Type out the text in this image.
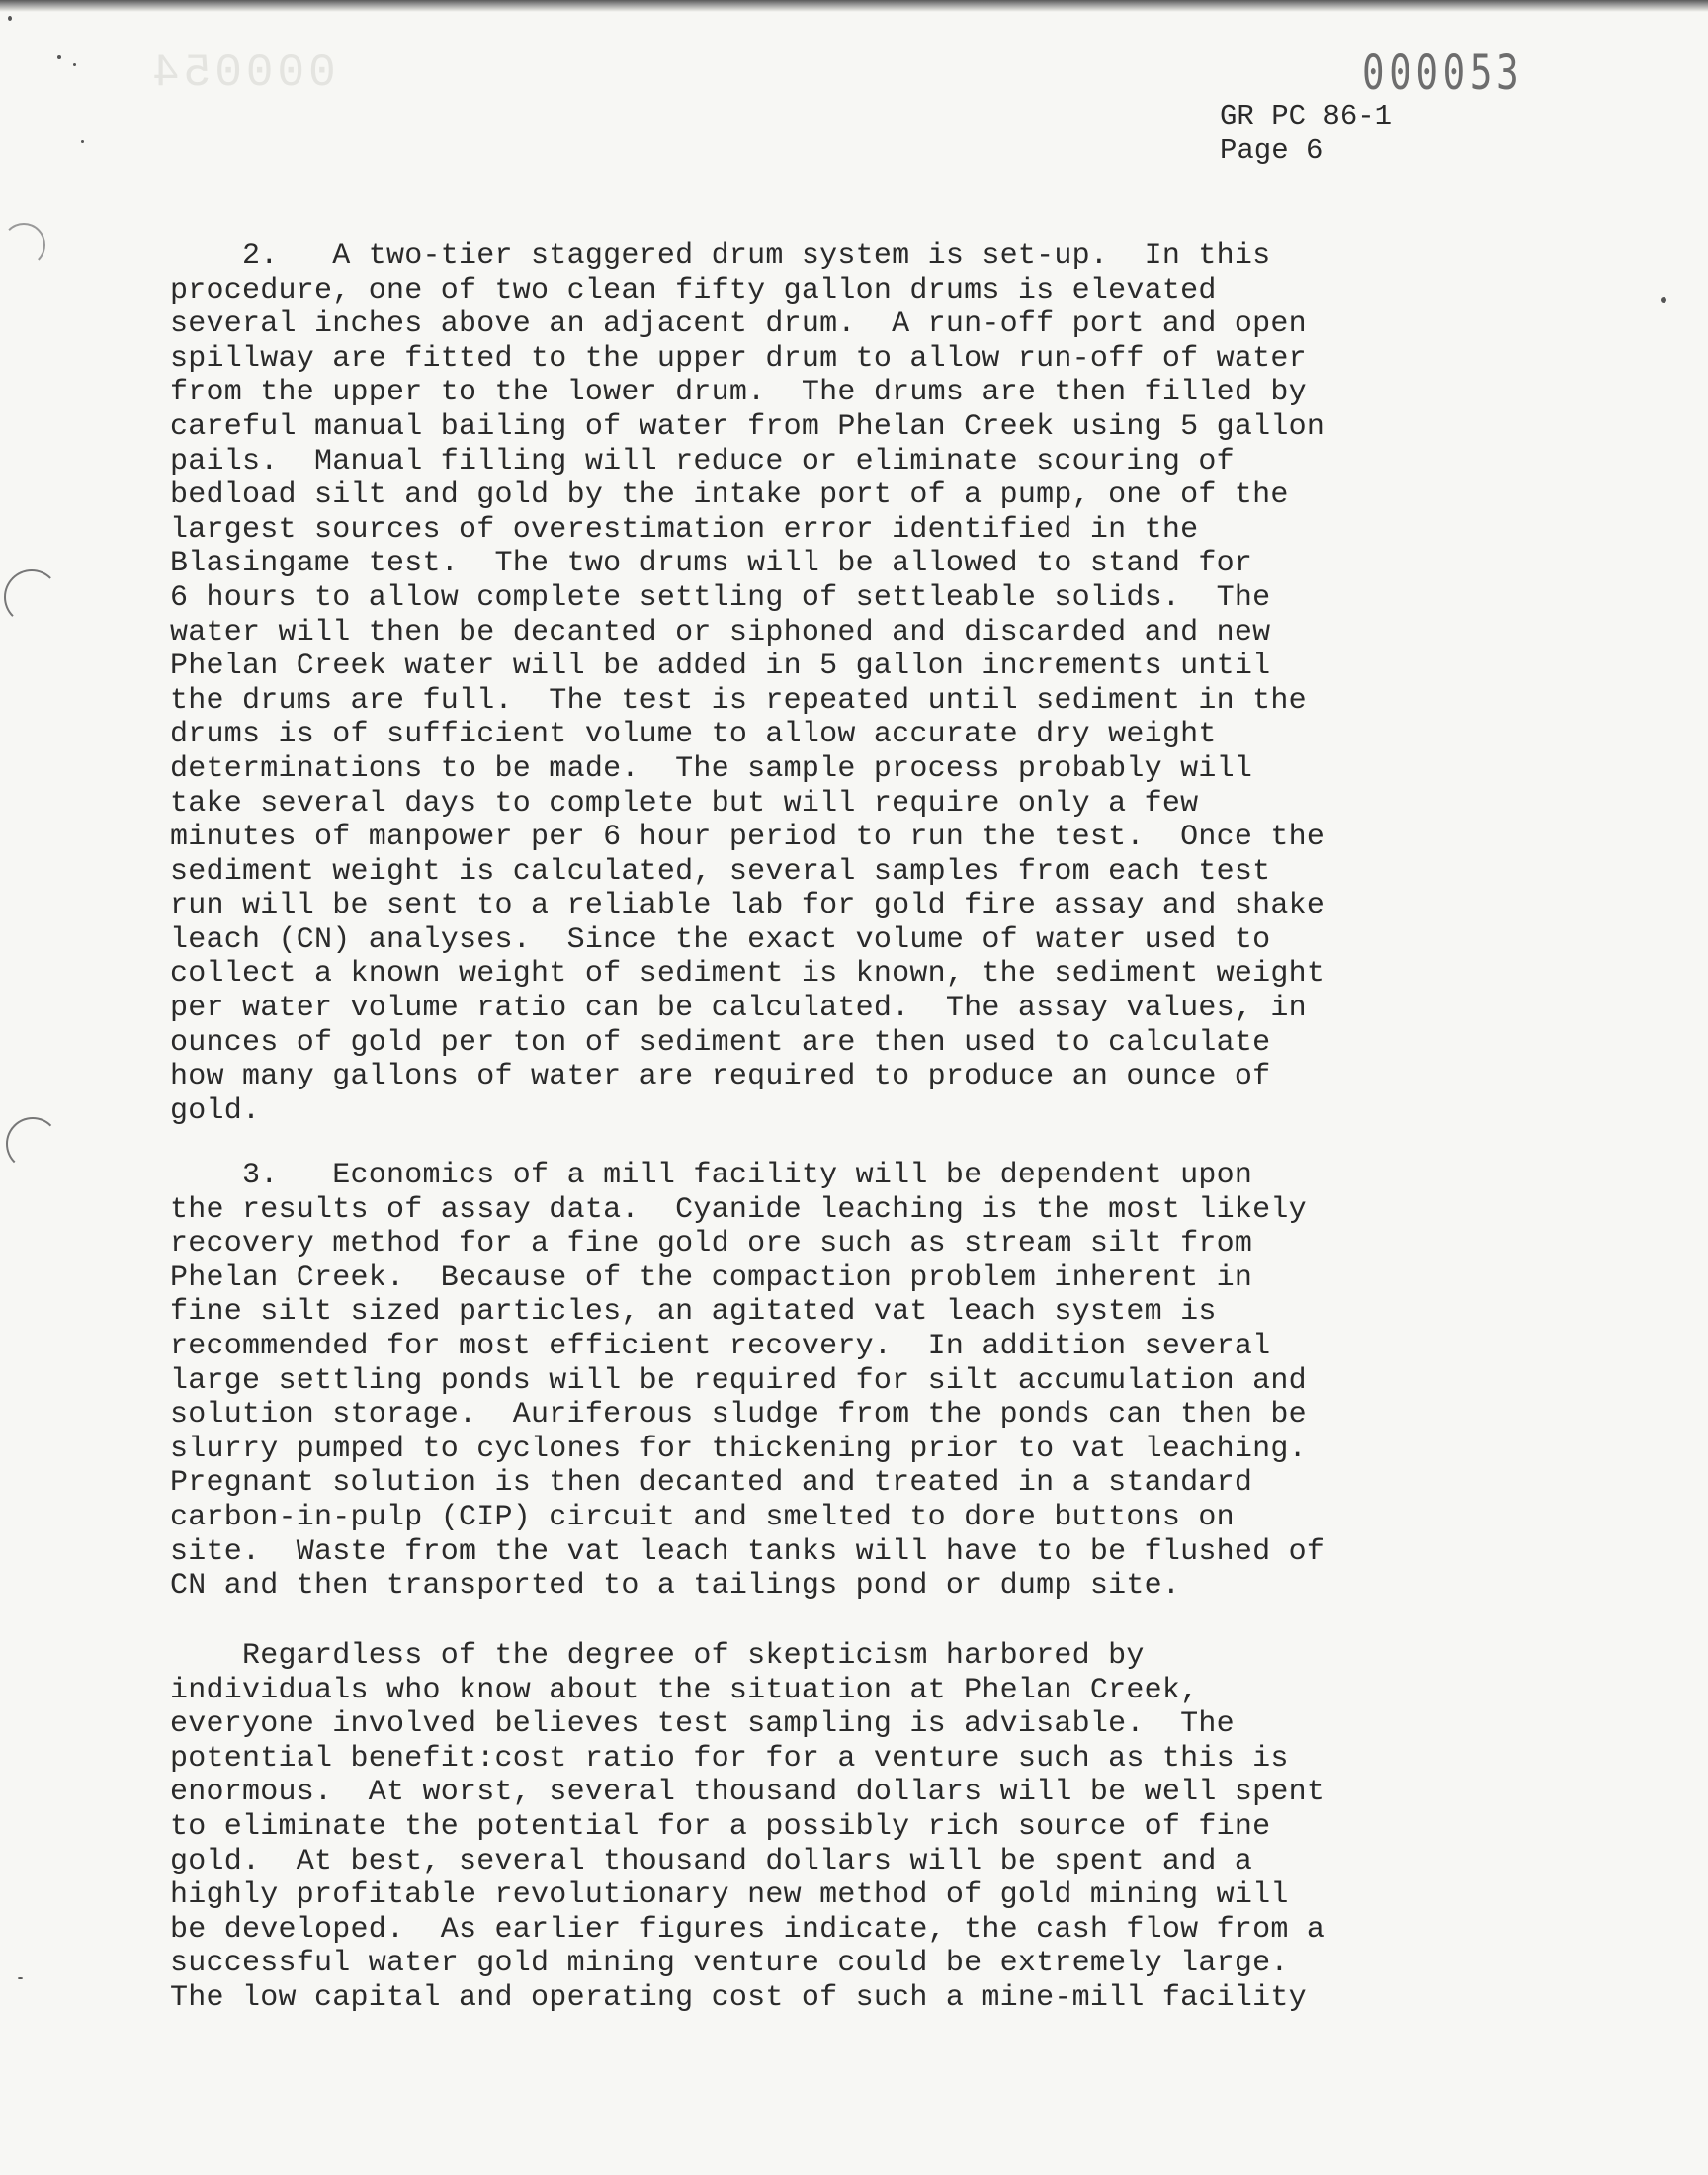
000054	000053
GR PC 86-1
Page 6
2.   A two-tier staggered drum system is set-up.  In this
procedure, one of two clean fifty gallon drums is elevated
several inches above an adjacent drum.  A run-off port and open
spillway are fitted to the upper drum to allow run-off of water
from the upper to the lower drum.  The drums are then filled by
careful manual bailing of water from Phelan Creek using 5 gallon
pails.  Manual filling will reduce or eliminate scouring of
bedload silt and gold by the intake port of a pump, one of the
largest sources of overestimation error identified in the
Blasingame test.  The two drums will be allowed to stand for
6 hours to allow complete settling of settleable solids.  The
water will then be decanted or siphoned and discarded and new
Phelan Creek water will be added in 5 gallon increments until
the drums are full.  The test is repeated until sediment in the
drums is of sufficient volume to allow accurate dry weight
determinations to be made.  The sample process probably will
take several days to complete but will require only a few
minutes of manpower per 6 hour period to run the test.  Once the
sediment weight is calculated, several samples from each test
run will be sent to a reliable lab for gold fire assay and shake
leach (CN) analyses.  Since the exact volume of water used to
collect a known weight of sediment is known, the sediment weight
per water volume ratio can be calculated.  The assay values, in
ounces of gold per ton of sediment are then used to calculate
how many gallons of water are required to produce an ounce of
gold.
3.   Economics of a mill facility will be dependent upon
the results of assay data.  Cyanide leaching is the most likely
recovery method for a fine gold ore such as stream silt from
Phelan Creek.  Because of the compaction problem inherent in
fine silt sized particles, an agitated vat leach system is
recommended for most efficient recovery.  In addition several
large settling ponds will be required for silt accumulation and
solution storage.  Auriferous sludge from the ponds can then be
slurry pumped to cyclones for thickening prior to vat leaching.
Pregnant solution is then decanted and treated in a standard
carbon-in-pulp (CIP) circuit and smelted to dore buttons on
site.  Waste from the vat leach tanks will have to be flushed of
CN and then transported to a tailings pond or dump site.
Regardless of the degree of skepticism harbored by
individuals who know about the situation at Phelan Creek,
everyone involved believes test sampling is advisable.  The
potential benefit:cost ratio for for a venture such as this is
enormous.  At worst, several thousand dollars will be well spent
to eliminate the potential for a possibly rich source of fine
gold.  At best, several thousand dollars will be spent and a
highly profitable revolutionary new method of gold mining will
be developed.  As earlier figures indicate, the cash flow from a
successful water gold mining venture could be extremely large.
The low capital and operating cost of such a mine-mill facility
